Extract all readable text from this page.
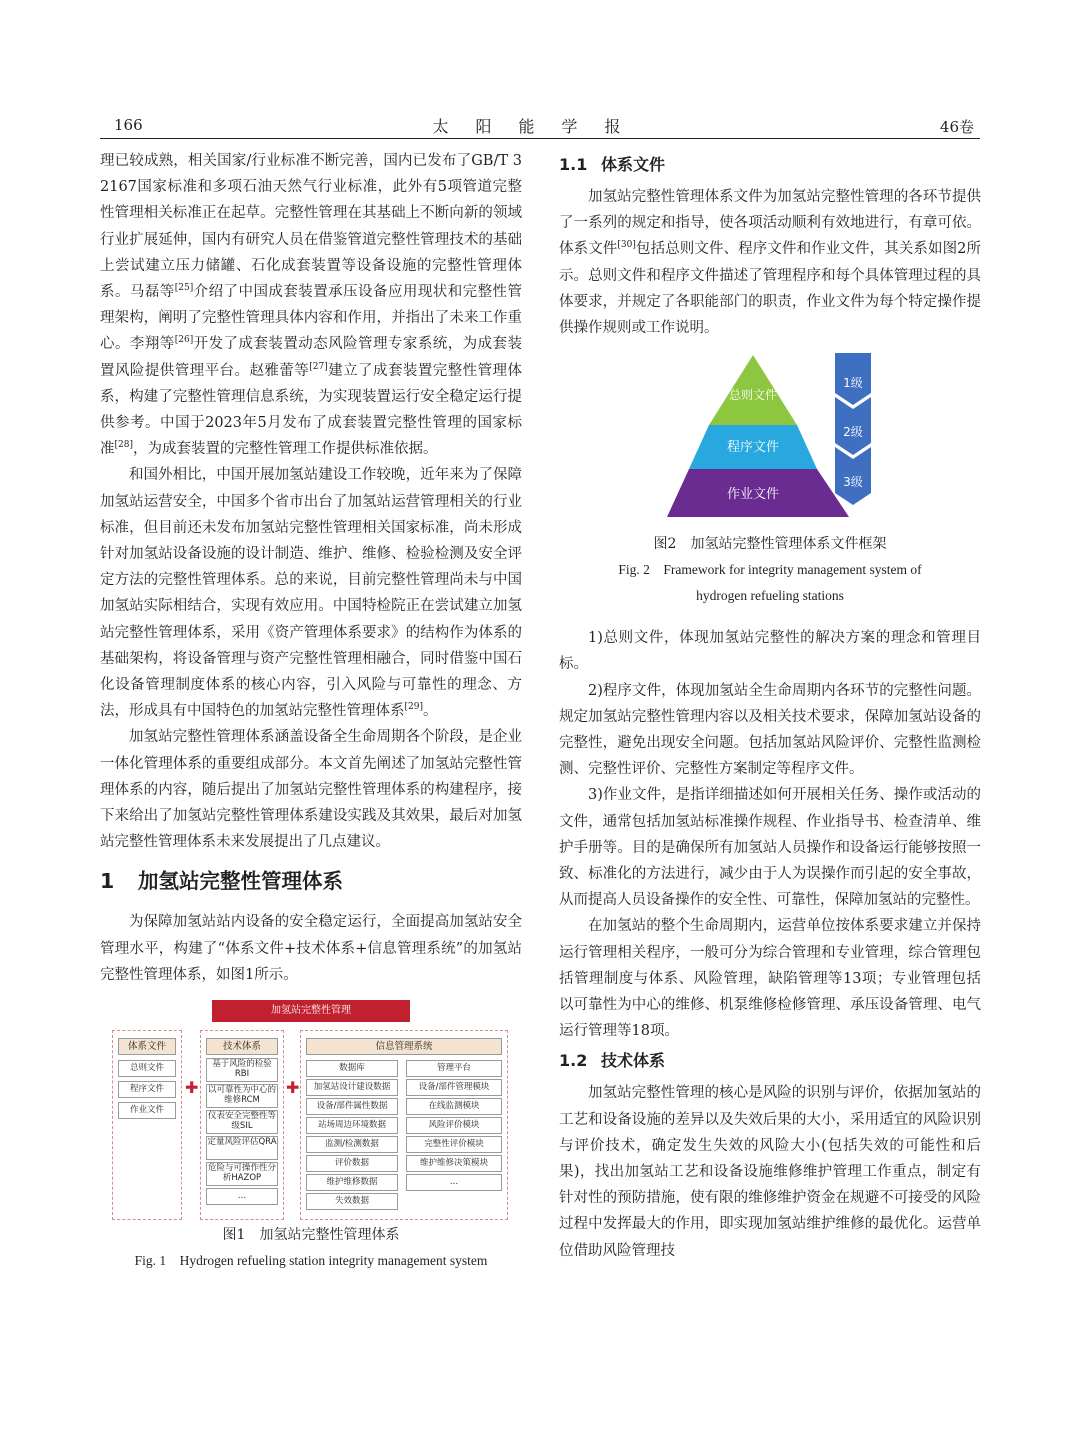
166	太阳能学报	46卷

理已较成熟，相关国家/行业标准不断完善，国内已发布了GB/T 32167国家标准和多项石油天然气行业标准，此外有5项管道完整性管理相关标准正在起草。完整性管理在其基础上不断向新的领域行业扩展延伸，国内有研究人员在借鉴管道完整性管理技术的基础上尝试建立压力储罐、石化成套装置等设备设施的完整性管理体系。马磊等[25]介绍了中国成套装置承压设备应用现状和完整性管理架构，阐明了完整性管理具体内容和作用，并指出了未来工作重心。李翔等[26]开发了成套装置动态风险管理专家系统，为成套装置风险提供管理平台。赵雅蕾等[27]建立了成套装置完整性管理体系，构建了完整性管理信息系统，为实现装置运行安全稳定运行提供参考。中国于2023年5月发布了成套装置完整性管理的国家标准[28]，为成套装置的完整性管理工作提供标准依据。

和国外相比，中国开展加氢站建设工作较晚，近年来为了保障加氢站运营安全，中国多个省市出台了加氢站运营管理相关的行业标准，但目前还未发布加氢站完整性管理相关国家标准，尚未形成针对加氢站设备设施的设计制造、维护、维修、检验检测及安全评定方法的完整性管理体系。总的来说，目前完整性管理尚未与中国加氢站实际相结合，实现有效应用。中国特检院正在尝试建立加氢站完整性管理体系，采用《资产管理体系要求》的结构作为体系的基础架构，将设备管理与资产完整性管理相融合，同时借鉴中国石化设备管理制度体系的核心内容，引入风险与可靠性的理念、方法，形成具有中国特色的加氢站完整性管理体系[29]。

加氢站完整性管理体系涵盖设备全生命周期各个阶段，是企业一体化管理体系的重要组成部分。本文首先阐述了加氢站完整性管理体系的内容，随后提出了加氢站完整性管理体系的构建程序，接下来给出了加氢站完整性管理体系建设实践及其效果，最后对加氢站完整性管理体系未来发展提出了几点建议。

1 加氢站完整性管理体系

为保障加氢站站内设备的安全稳定运行，全面提高加氢站安全管理水平，构建了“体系文件+技术体系+信息管理系统”的加氢站完整性管理体系，如图1所示。

加氢站完整性管理
体系文件
总则文件
程序文件
作业文件
✚
技术体系
基于风险的检验RBI
以可靠性为中心的维修RCM
仪表安全完整性等级SIL
定量风险评估QRA
危险与可操作性分析HAZOP
…
✚
信息管理系统
数据库
加氢站设计建设数据
设备/部件属性数据
站场周边环境数据
监测/检测数据
评价数据
维护维修数据
失效数据
管理平台
设备/部件管理模块
在线监测模块
风险评价模块
完整性评价模块
维护维修决策模块
…
图1　加氢站完整性管理体系
Fig. 1　Hydrogen refueling station integrity management system
1.1 体系文件

加氢站完整性管理体系文件为加氢站完整性管理的各环节提供了一系列的规定和指导，使各项活动顺利有效地进行，有章可依。体系文件[30]包括总则文件、程序文件和作业文件，其关系如图2所示。总则文件和程序文件描述了管理程序和每个具体管理过程的具体要求，并规定了各职能部门的职责，作业文件为每个特定操作提供操作规则或工作说明。

总则文件
程序文件
作业文件
1级
2级
3级
图2　加氢站完整性管理体系文件框架
Fig. 2　Framework for integrity management system of
hydrogen refueling stations

1)总则文件，体现加氢站完整性的解决方案的理念和管理目标。

2)程序文件，体现加氢站全生命周期内各环节的完整性问题。规定加氢站完整性管理内容以及相关技术要求，保障加氢站设备的完整性，避免出现安全问题。包括加氢站风险评价、完整性监测检测、完整性评价、完整性方案制定等程序文件。

3)作业文件，是指详细描述如何开展相关任务、操作或活动的文件，通常包括加氢站标准操作规程、作业指导书、检查清单、维护手册等。目的是确保所有加氢站人员操作和设备运行能够按照一致、标准化的方法进行，减少由于人为误操作而引起的安全事故，从而提高人员设备操作的安全性、可靠性，保障加氢站的完整性。

在加氢站的整个生命周期内，运营单位按体系要求建立并保持运行管理相关程序，一般可分为综合管理和专业管理，综合管理包括管理制度与体系、风险管理，缺陷管理等13项；专业管理包括以可靠性为中心的维修、机泵维修检修管理、承压设备管理、电气运行管理等18项。

1.2 技术体系

加氢站完整性管理的核心是风险的识别与评价，依据加氢站的工艺和设备设施的差异以及失效后果的大小，采用适宜的风险识别与评价技术，确定发生失效的风险大小(包括失效的可能性和后果)，找出加氢站工艺和设备设施维修维护管理工作重点，制定有针对性的预防措施，使有限的维修维护资金在规避不可接受的风险过程中发挥最大的作用，即实现加氢站维护维修的最优化。运营单位借助风险管理技
